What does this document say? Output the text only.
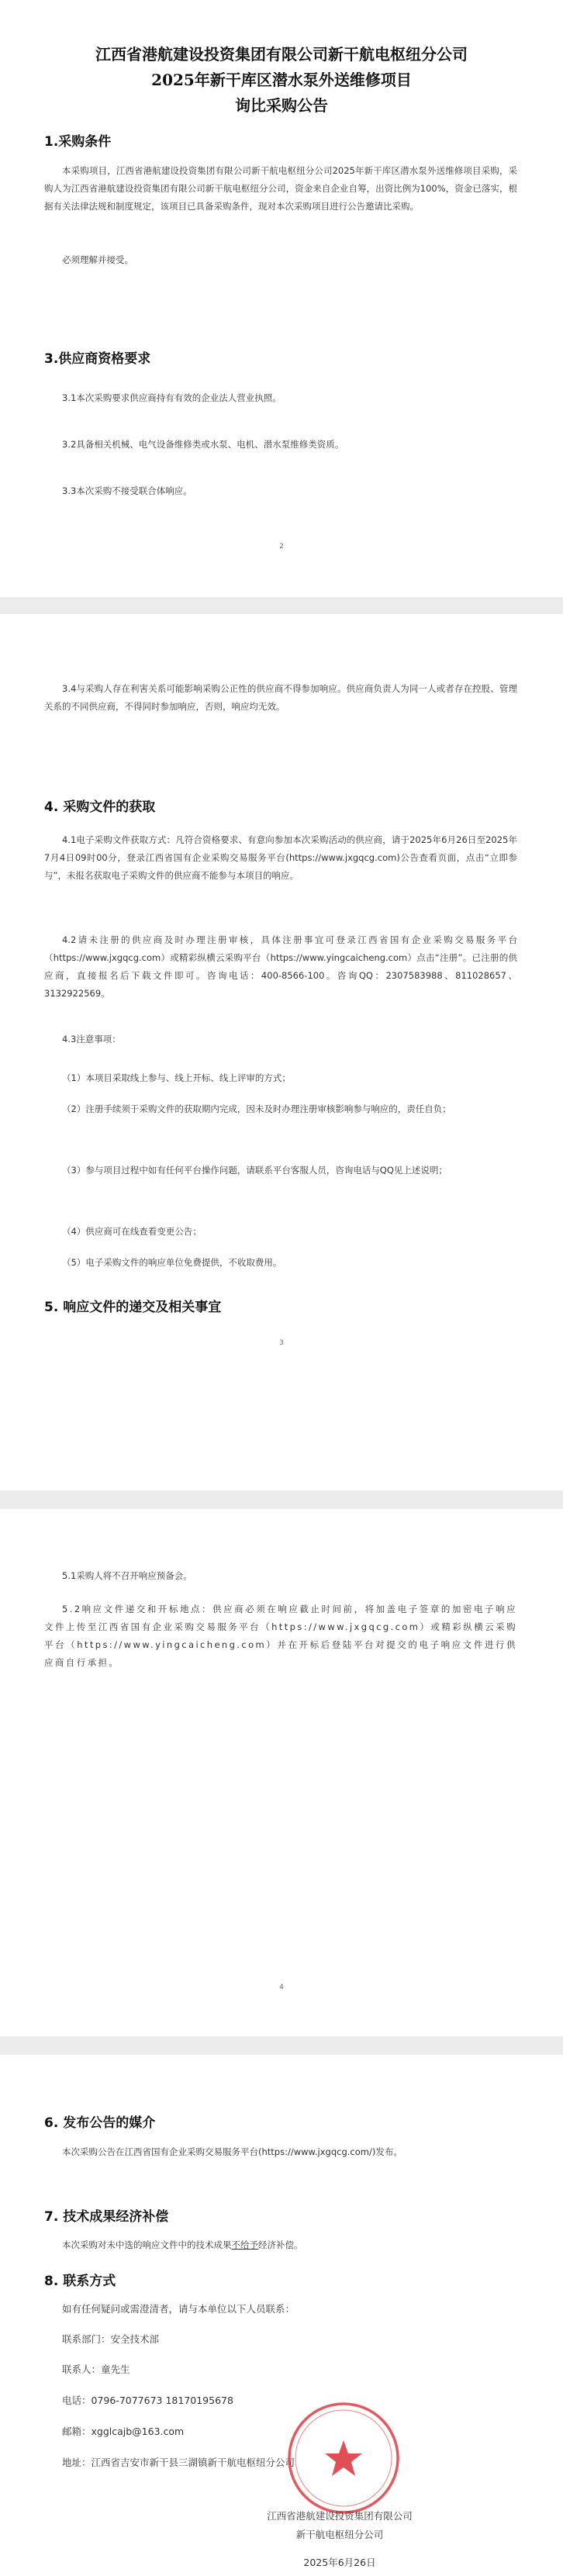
江西省港航建设投资集团有限公司新干航电枢纽分公司
2025年新干库区潜水泵外送维修项目
询比采购公告
1.采购条件

本采购项目，江西省港航建设投资集团有限公司新干航电枢纽分公司2025年新干库区潜水泵外送维修项目采购，采购人为江西省港航建设投资集团有限公司新干航电枢纽分公司，资金来自企业自筹，出资比例为100%，资金已落实，根据有关法律法规和制度规定，该项目已具备采购条件，现对本次采购项目进行公告邀请比采购。

必须理解并接受。

3.供应商资格要求
3.1本次采购要求供应商持有有效的企业法人营业执照。
3.2具备相关机械、电气设备维修类或水泵、电机、潜水泵维修类资质。
3.3本次采购不接受联合体响应。
2

3.4与采购人存在利害关系可能影响采购公正性的供应商不得参加响应。供应商负责人为同一人或者存在控股、管理关系的不同供应商，不得同时参加响应，否则，响应均无效。

4. 采购文件的获取

4.1电子采购文件获取方式：凡符合资格要求、有意向参加本次采购活动的供应商，请于2025年6月26日至2025年7月4日09时00分，登录江西省国有企业采购交易服务平台(https://www.jxgqcg.com)公告查看页面，点击“立即参与”，未报名获取电子采购文件的供应商不能参与本项目的响应。

4.2请未注册的供应商及时办理注册审核，具体注册事宜可登录江西省国有企业采购交易服务平台（https://www.jxgqcg.com）或精彩纵横云采购平台（https://www.yingcaicheng.com）点击“注册”。已注册的供应商，直接报名后下载文件即可。咨询电话：400-8566-100。咨询QQ：2307583988、811028657、3132922569。

4.3注意事项：

（1）本项目采取线上参与、线上开标、线上评审的方式；

（2）注册手续须于采购文件的获取期内完成，因未及时办理注册审核影响参与响应的，责任自负；

（3）参与项目过程中如有任何平台操作问题，请联系平台客服人员，咨询电话与QQ见上述说明；

（4）供应商可在线查看变更公告；
（5）电子采购文件的响应单位免费提供，不收取费用。
5. 响应文件的递交及相关事宜
3
5.1采购人将不召开响应预备会。

5.2响应文件递交和开标地点：供应商必须在响应截止时间前，将加盖电子签章的加密电子响应文件上传至江西省国有企业采购交易服务平台（https://www.jxgqcg.com）或精彩纵横云采购平台（https://www.yingcaicheng.com）并在开标后登陆平台对提交的电子响应文件进行供应商自行承担。

4
6. 发布公告的媒介

本次采购公告在江西省国有企业采购交易服务平台(https://www.jxgqcg.com/)发布。

7. 技术成果经济补偿

本次采购对未中选的响应文件中的技术成果不给予经济补偿。

8. 联系方式
如有任何疑问或需澄清者，请与本单位以下人员联系：
联系部门：安全技术部
联系人：童先生
电话：0796-7077673 18170195678
邮箱：xgglcajb@163.com
地址：江西省吉安市新干县三湖镇新干航电枢纽分公司
江西省港航建设投资集团有限公司
新干航电枢纽分公司
2025年6月26日
